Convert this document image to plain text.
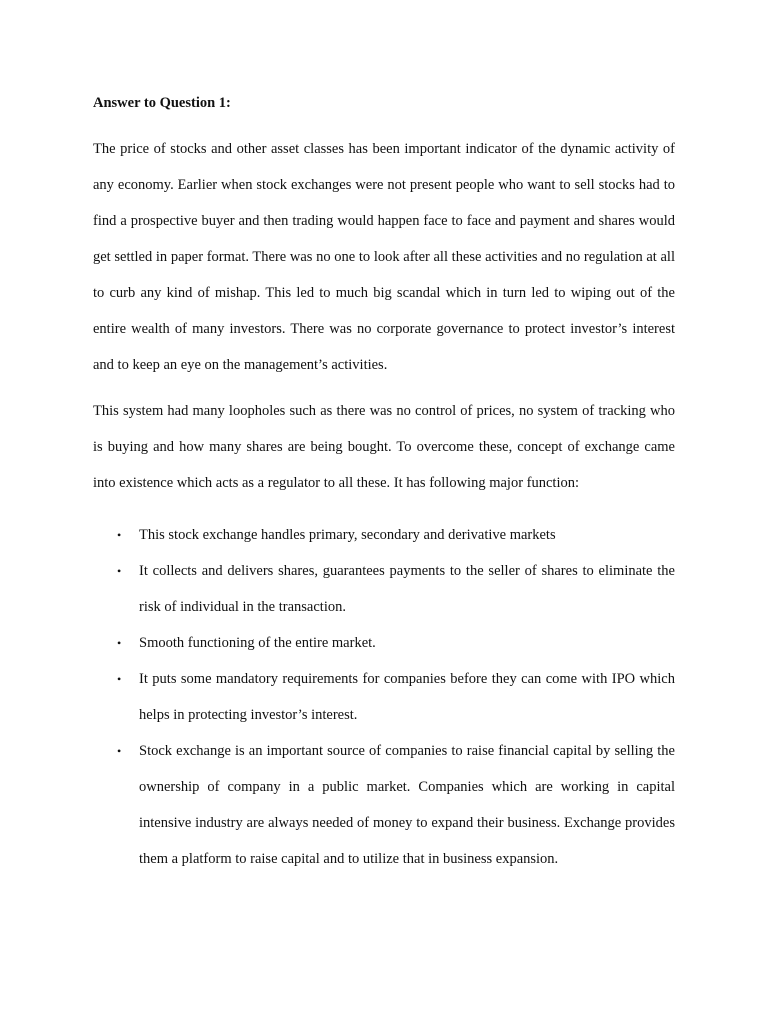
Answer to Question 1:

The price of stocks and other asset classes has been important indicator of the dynamic activity of any economy. Earlier when stock exchanges were not present people who want to sell stocks had to find a prospective buyer and then trading would happen face to face and payment and shares would get settled in paper format. There was no one to look after all these activities and no regulation at all to curb any kind of mishap. This led to much big scandal which in turn led to wiping out of the entire wealth of many investors. There was no corporate governance to protect investor’s interest and to keep an eye on the management’s activities.

This system had many loopholes such as there was no control of prices, no system of tracking who is buying and how many shares are being bought. To overcome these, concept of exchange came into existence which acts as a regulator to all these. It has following major function:

• This stock exchange handles primary, secondary and derivative markets
• It collects and delivers shares, guarantees payments to the seller of shares to eliminate the risk of individual in the transaction.
• Smooth functioning of the entire market.
• It puts some mandatory requirements for companies before they can come with IPO which helps in protecting investor’s interest.
• Stock exchange is an important source of companies to raise financial capital by selling the ownership of company in a public market. Companies which are working in capital intensive industry are always needed of money to expand their business. Exchange provides them a platform to raise capital and to utilize that in business expansion.
